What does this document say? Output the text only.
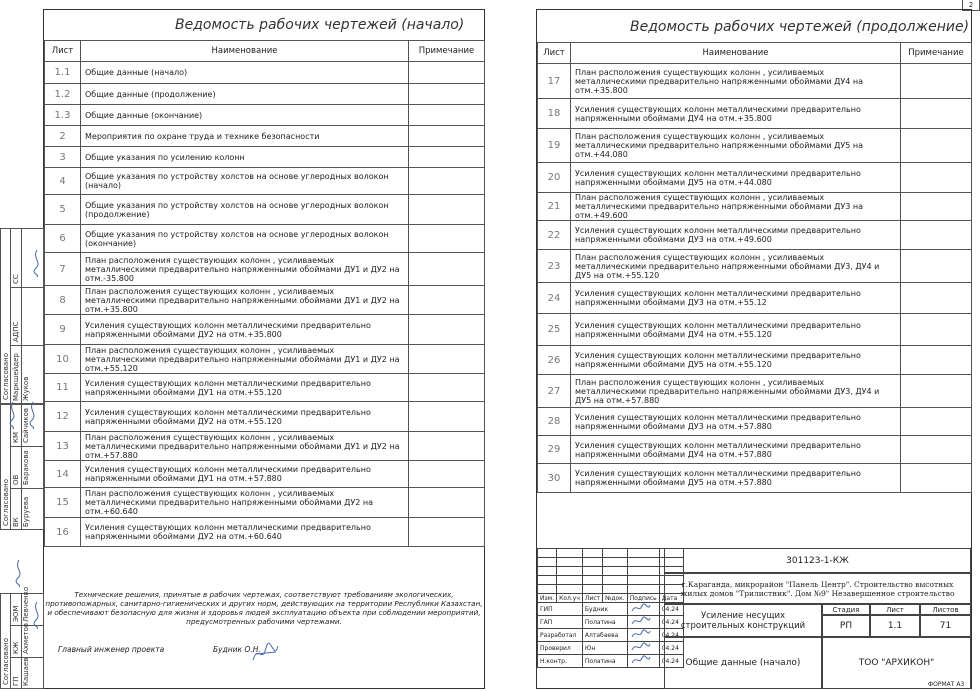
2
Ведомость рабочих чертежей (начало)
Лист	Наименование	Примечание
1.1	Общие данные (начало)	
1.2	Общие данные (продолжение)	
1.3	Общие данные (окончание)	
2	Мероприятия по охране труда и технике безопасности	
3	Общие указания по усилению колонн	
4	Общие указания по устройству холстов на основе углеродных волокон (начало)	
5	Общие указания по устройству холстов на основе углеродных волокон (продолжение)	
6	Общие указания по устройству холстов на основе углеродных волокон (окончание)	
7	План расположения существующих колонн , усиливаемых металлическими предварительно напряженными обоймами ДУ1 и ДУ2 на отм.-35.800	
8	План расположения существующих колонн , усиливаемых металлическими предварительно напряженными обоймами ДУ1 и ДУ2 на отм.+35.800	
9	Усиления существующих колонн металлическими предварительно напряженными обоймами ДУ2 на отм.+35.800	
10	План расположения существующих колонн , усиливаемых металлическими предварительно напряженными обоймами ДУ1 и ДУ2 на отм.+55.120	
11	Усиления существующих колонн металлическими предварительно напряженными обоймами ДУ1 на отм.+55.120	
12	Усиления существующих колонн металлическими предварительно напряженными обоймами ДУ2 на отм.+55.120	
13	План расположения существующих колонн , усиливаемых металлическими предварительно напряженными обоймами ДУ1 и ДУ2 на отм.+57.880	
14	Усиления существующих колонн металлическими предварительно напряженными обоймами ДУ1 на отм.+57.880	
15	План расположения существующих колонн , усиливаемых металлическими предварительно напряженными обоймами ДУ2 на отм.+60.640	
16	Усиления существующих колонн металлическими предварительно напряженными обоймами ДУ2 на отм.+60.640	
Технические решения, принятые в рабочих чертежах, соответствуют требованиям экологических, противопожарных, санитарно-гигиенических и других норм, действующих на территории Республики Казахстан, и обеспечивают безопасную для жизни и здоровья людей эксплуатацию объекта при соблюдении мероприятий, предусмотренных рабочими чертежами.
Главный инженер проекта	Будник О.Н.
Согласовано Маркшейдер Жуков
АДПС
СС
Согласовано ВК Буруева
ОВ Баракова
КМ Сайчиков
Согласовано ГП Кашаев
КЖ Ахметов
ЭОМ Левченко
Ведомость рабочих чертежей (продолжение)
Лист	Наименование	Примечание
17	План расположения существующих колонн , усиливаемых металлическими предварительно напряженными обоймами ДУ4 на отм.+35.800	
18	Усиления существующих колонн металлическими предварительно напряженными обоймами ДУ4 на отм.+35.800	
19	План расположения существующих колонн , усиливаемых металлическими предварительно напряженными обоймами ДУ5 на отм.+44.080	
20	Усиления существующих колонн металлическими предварительно напряженными обоймами ДУ5 на отм.+44.080	
21	План расположения существующих колонн , усиливаемых металлическими предварительно напряженными обоймами ДУ3 на отм.+49.600	
22	Усиления существующих колонн металлическими предварительно напряженными обоймами ДУ3 на отм.+49.600	
23	План расположения существующих колонн , усиливаемых металлическими предварительно напряженными обоймами ДУ3, ДУ4 и ДУ5 на отм.+55.120	
24	Усиления существующих колонн металлическими предварительно напряженными обоймами ДУ3 на отм.+55.12	
25	Усиления существующих колонн металлическими предварительно напряженными обоймами ДУ4 на отм.+55.120	
26	Усиления существующих колонн металлическими предварительно напряженными обоймами ДУ5 на отм.+55.120	
27	План расположения существующих колонн , усиливаемых металлическими предварительно напряженными обоймами ДУ3, ДУ4 и ДУ5 на отм.+57.880	
28	Усиления существующих колонн металлическими предварительно напряженными обоймами ДУ3 на отм.+57.880	
29	Усиления существующих колонн металлическими предварительно напряженными обоймами ДУ4 на отм.+57.880	
30	Усиления существующих колонн металлическими предварительно напряженными обоймами ДУ5 на отм.+57.880	

Изм.	Кол.уч	Лист	№док.	Подпись	Дата
ГИП		Будник			04.24
ГАП		Полатина			04.24
Разработал		Алтабаева			04.24
Проверил		Юн			04.24
Н.контр.		Полатина			04.24
301123-1-КЖ
г.Караганда, микрорайон "Панель Центр". Строительство высотных жилых домов "Трилистник". Дом №9" Незавершенное строительство
Усиление несущих строительных конструкций
Стадия	Лист	Листов
РП	1.1	71
Общие данные (начало)	ТОО "АРХИКОН"
ФОРМАТ А3
